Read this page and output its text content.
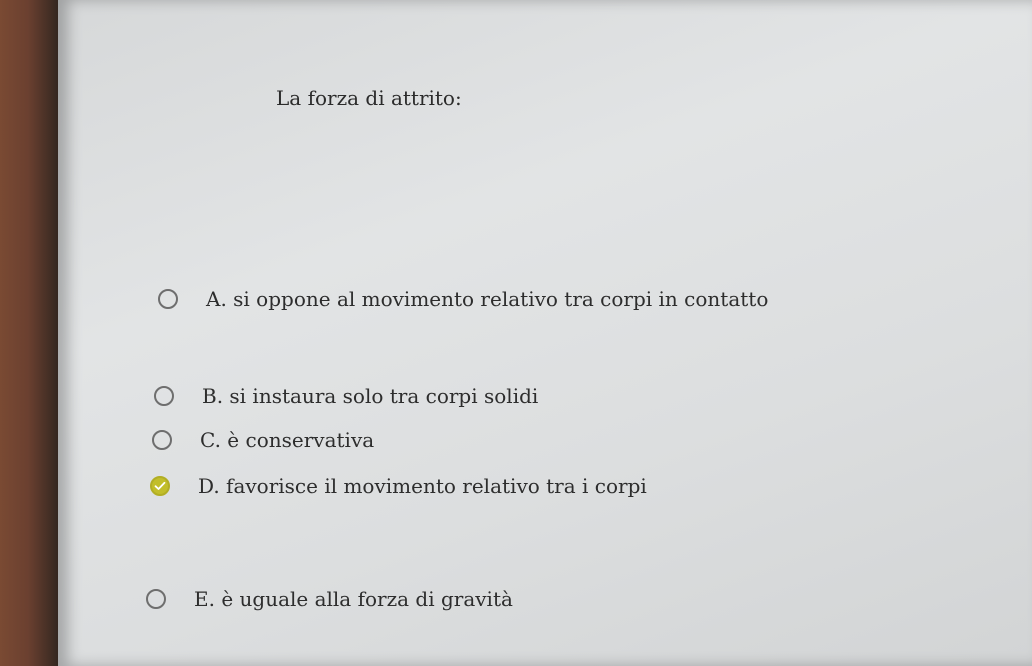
La forza di attrito:
A. si oppone al movimento relativo tra corpi in contatto
B. si instaura solo tra corpi solidi
C. è conservativa
D. favorisce il movimento relativo tra i corpi
E. è uguale alla forza di gravità
